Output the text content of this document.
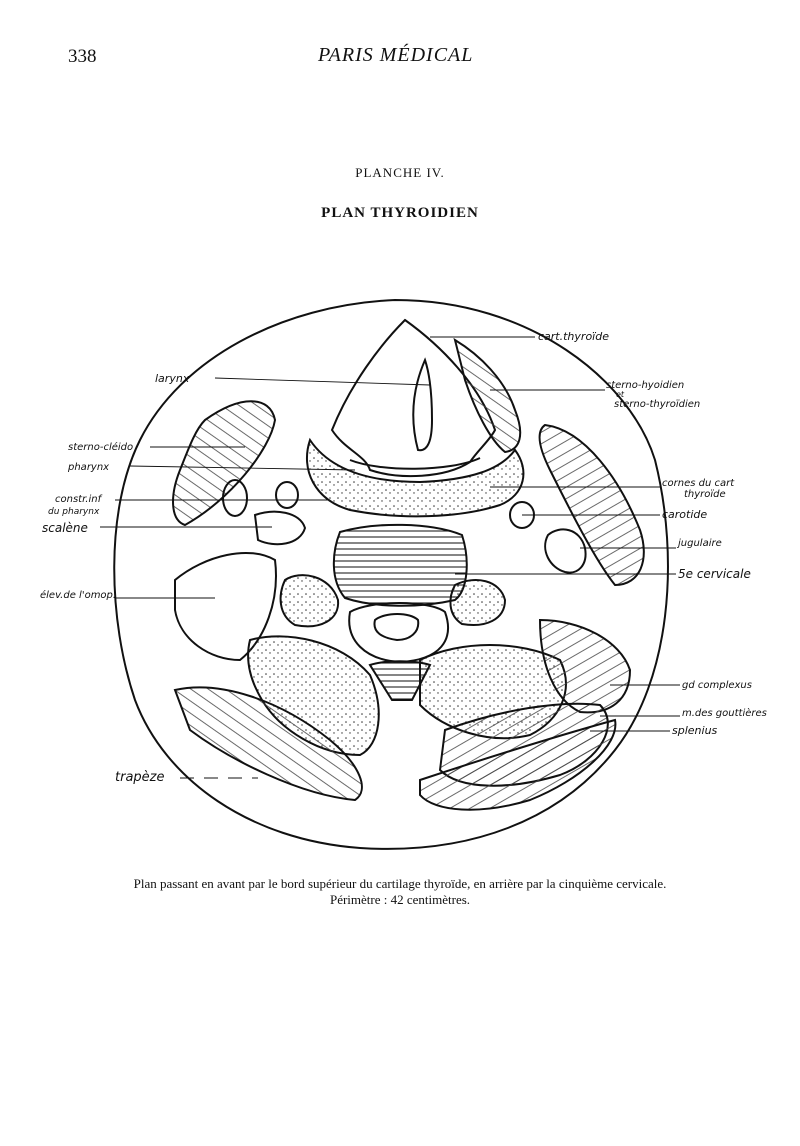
338	PARIS MÉDICAL
PLANCHE IV.
PLAN THYROIDIEN
cart.thyroïde
larynx
sterno-hyoidien
et
sterno-thyroïdien
sterno-cléido
pharynx
constr.inf
du pharynx
scalène
cornes du cart
thyroïde
carotide
jugulaire
élev.de l'omop.
5e cervicale
gd complexus
m.des gouttières
splenius
trapèze
Plan passant en avant par le bord supérieur du cartilage thyroïde, en arrière par la cinquième cervicale.
Périmètre : 42 centimètres.
